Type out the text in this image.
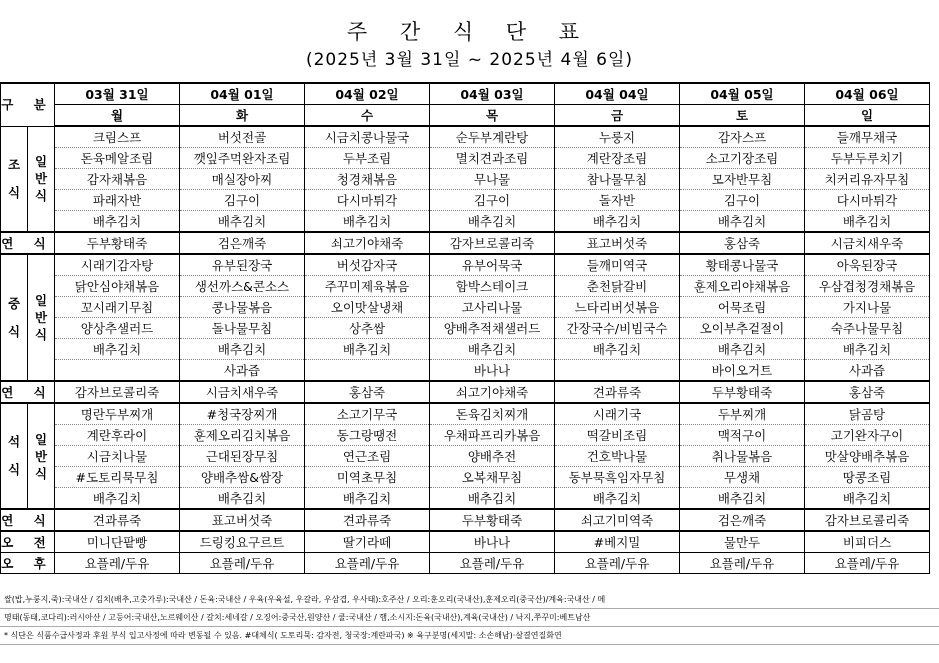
주 간 식 단 표
(2025년 3월 31일 ~ 2025년 4월 6일)
구 분		03월 31일	04월 01일	04월 02일	04월 03일	04월 04일	04월 05일	04월 06일
		월	화	수	목	금	토	일
조
식	일
반
식	크림스프	버섯전골	시금치콩나물국	순두부계란탕	누룽지	감자스프	들깨무채국
		돈육메알조림	깻잎주먹완자조림	두부조림	멸치견과조림	계란장조림	소고기장조림	두부두루치기
		감자채볶음	매실장아찌	청경채볶음	무나물	참나물무침	모자반무침	치커리유자무침
		파래자반	김구이	다시마튀각	김구이	돌자반	김구이	다시마튀각
		배추김치	배추김치	배추김치	배추김치	배추김치	배추김치	배추김치
연 식		두부황태죽	검은깨죽	쇠고기야채죽	감자브로콜리죽	표고버섯죽	홍삼죽	시금치새우죽
중
식	일
반
식	시래기감자탕	유부된장국	버섯감자국	유부어묵국	들깨미역국	황태콩나물국	아욱된장국
		닭안심야채볶음	생선까스&콘소스	주꾸미제육볶음	함박스테이크	춘천닭갈비	훈제오리야채볶음	우삼겹청경채볶음
		꼬시래기무침	콩나물볶음	오이맛살냉채	고사리나물	느타리버섯볶음	어묵조림	가지나물
		양상추샐러드	돌나물무침	상추쌈	양배추적채샐러드	간장국수/비빔국수	오이부추겉절이	숙주나물무침
		배추김치	배추김치	배추김치	배추김치	배추김치	배추김치	배추김치
			사과즙		바나나		바이오거트	사과즙
연 식		감자브로콜리죽	시금치새우죽	홍삼죽	쇠고기야채죽	견과류죽	두부황태죽	홍삼죽
석
식	일
반
식	명란두부찌개	#청국장찌개	소고기무국	돈육김치찌개	시래기국	두부찌개	닭곰탕
		계란후라이	훈제오리김치볶음	동그랑땡전	우채파프리카볶음	떡갈비조림	맥적구이	고기완자구이
		시금치나물	근대된장무침	연근조림	양배추전	건호박나물	취나물볶음	맛살양배추볶음
		#도토리묵무침	양배추쌈&쌈장	미역초무침	오복채무침	동부묵흑임자무침	무생채	땅콩조림
		배추김치	배추김치	배추김치	배추김치	배추김치	배추김치	배추김치
연 식		견과류죽	표고버섯죽	견과류죽	두부황태죽	쇠고기미역죽	검은깨죽	감자브로콜리죽
오 전		미니단팥빵	드링킹요구르트	딸기라떼	바나나	#베지밀	물만두	비피더스
오 후		요플레/두유	요플레/두유	요플레/두유	요플레/두유	요플레/두유	요플레/두유	요플레/두유
쌀(밥,누룽지,죽):국내산 / 김치(배추,고춧가루):국내산 / 돈육:국내산 / 우육(우육설, 우갈라, 우삼겹, 우사태):호주산 / 오리:훈오리(국내산),훈제오리(중국산)/계육:국내산 / 메
명태(동태,코다리):러시아산 / 고등어:국내산,노르웨이산 / 갈치:세네갈 / 오징어:중국산,원양산 / 쿨:국내산 / 햄,소시지:돈육(국내산),계육(국내산) / 낙지,쭈꾸미:베트남산
* 식단은 식품수급사정과 후원 부식 입고사정에 따라 변동될 수 있음. #대체식( 도토리묵: 감자전, 청국장:계란파국) ※ 육구분명(세지말: 소손해남)·살결연질화연
